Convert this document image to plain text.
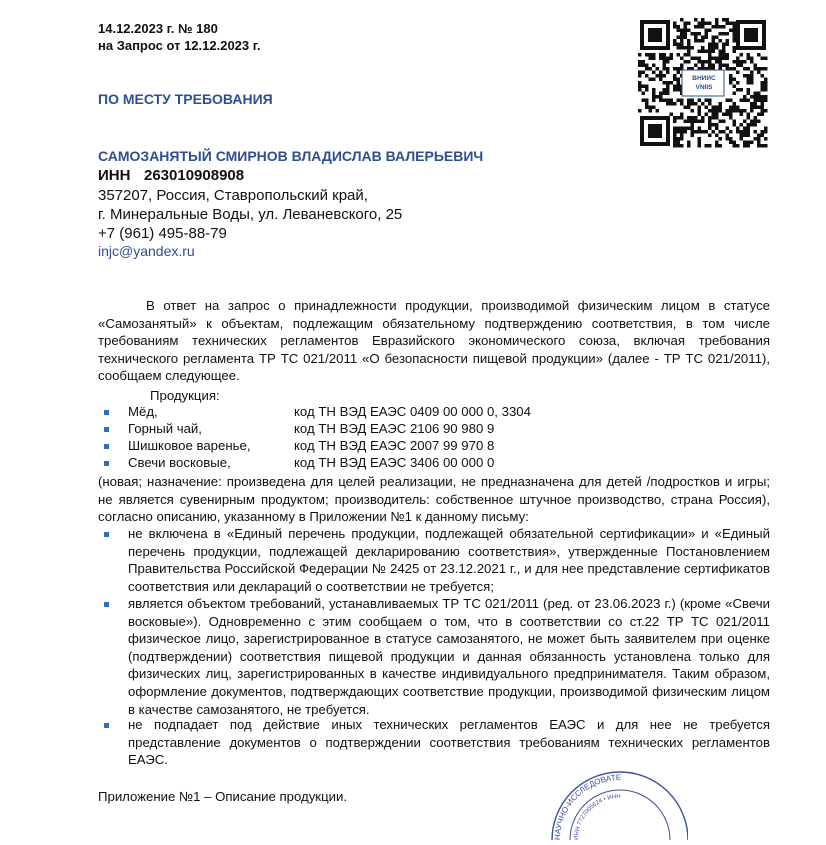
14.12.2023 г. № 180
на Запрос от 12.12.2023 г.
ВНИИС VNIIS
ПО МЕСТУ ТРЕБОВАНИЯ
САМОЗАНЯТЫЙ СМИРНОВ ВЛАДИСЛАВ ВАЛЕРЬЕВИЧ
ИНН 263010908908
357207, Россия, Ставропольский край,
г. Минеральные Воды, ул. Леваневского, 25
+7 (961) 495-88-79
injc@yandex.ru
В ответ на запрос о принадлежности продукции, производимой физическим лицом в статусе «Самозанятый» к объектам, подлежащим обязательному подтверждению соответствия, в том числе требованиям технических регламентов Евразийского экономического союза, включая требования технического регламента ТР ТС 021/2011 «О безопасности пищевой продукции» (далее - ТР ТС 021/2011), сообщаем следующее.
Продукция:
Мёд,	код ТН ВЭД ЕАЭС 0409 00 000 0, 3304
Горный чай,	код ТН ВЭД ЕАЭС 2106 90 980 9
Шишковое варенье,	код ТН ВЭД ЕАЭС 2007 99 970 8
Свечи восковые,	код ТН ВЭД ЕАЭС 3406 00 000 0
(новая; назначение: произведена для целей реализации, не предназначена для детей /подростков и игры; не является сувенирным продуктом; производитель: собственное штучное производство, страна Россия), согласно описанию, указанному в Приложении №1 к данному письму:
не включена в «Единый перечень продукции, подлежащей обязательной сертификации» и «Единый перечень продукции, подлежащей декларированию соответствия», утвержденные Постановлением Правительства Российской Федерации № 2425 от 23.12.2021 г., и для нее представление сертификатов соответствия или деклараций о соответствии не требуется;
является объектом требований, устанавливаемых ТР ТС 021/2011 (ред. от 23.06.2023 г.) (кроме «Свечи восковые»). Одновременно с этим сообщаем о том, что в соответствии со ст.22 ТР ТС 021/2011 физическое лицо, зарегистрированное в статусе самозанятого, не может быть заявителем при оценке (подтверждении) соответствия пищевой продукции и данная обязанность установлена только для физических лиц, зарегистрированных в качестве индивидуального предпринимателя. Таким образом, оформление документов, подтверждающих соответствие продукции, производимой физическим лицом в качестве самозанятого, не требуется.
не подпадает под действие иных технических регламентов ЕАЭС и для нее не требуется представление документов о подтверждении соответствия требованиям технических регламентов ЕАЭС.
Приложение №1 – Описание продукции.
НАУЧНО-ИССЛЕДОВАТЕ
ИНН 7727005624 • ИНН
